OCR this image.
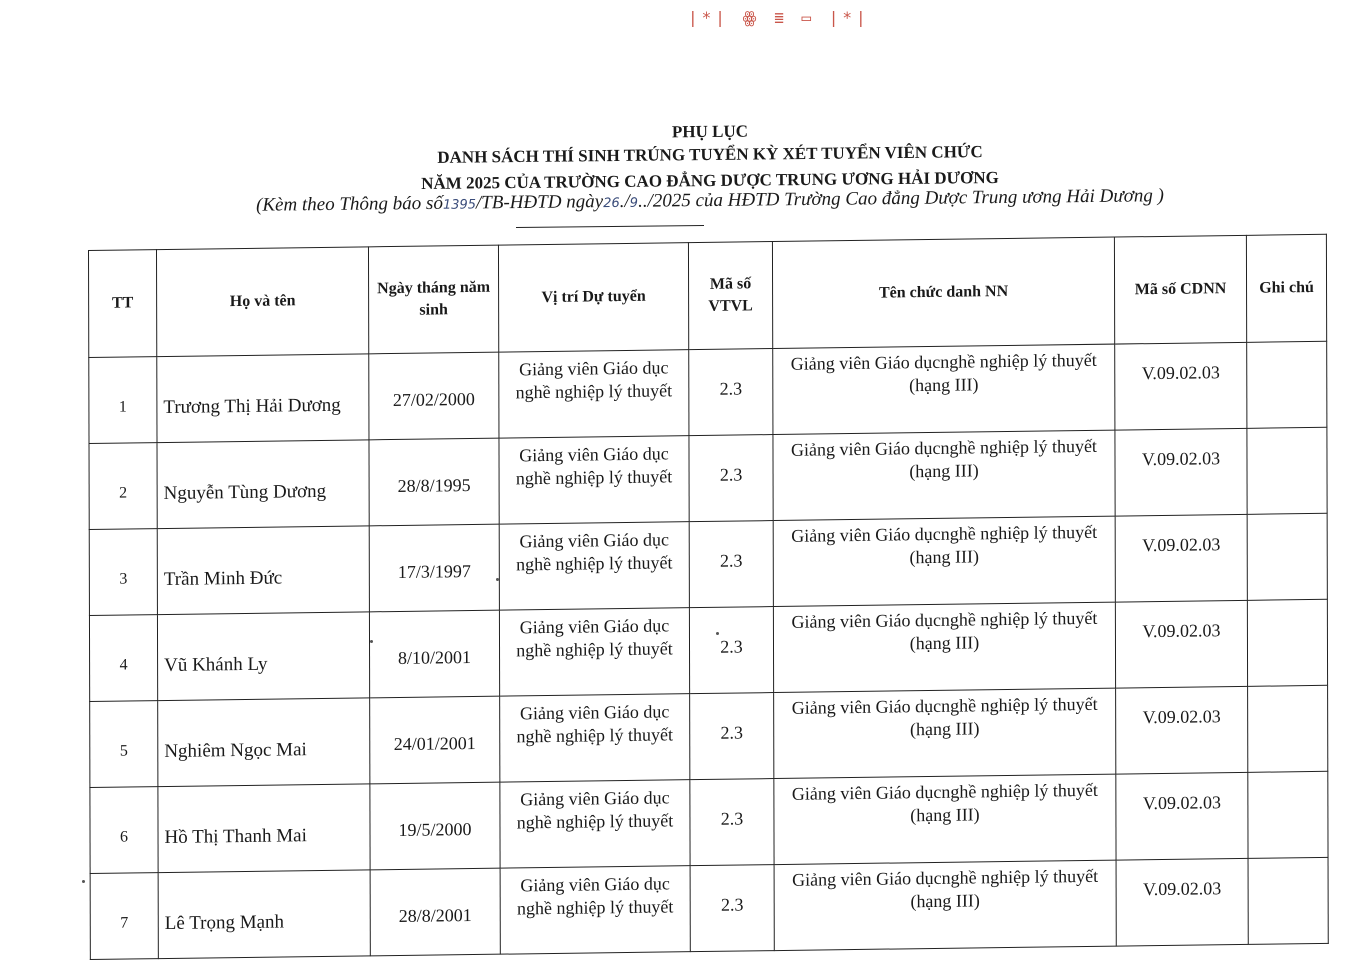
|*| ꙮ ≣ ▭ |*|
PHỤ LỤC
DANH SÁCH THÍ SINH TRÚNG TUYỂN KỲ XÉT TUYỂN VIÊN CHỨC
NĂM 2025 CỦA TRƯỜNG CAO ĐẲNG DƯỢC TRUNG ƯƠNG HẢI DƯƠNG
(Kèm theo Thông báo số1395/TB-HĐTD ngày26./9../2025 của HĐTD Trường Cao đẳng Dược Trung ương Hải Dương )
TT	Họ và tên	Ngày tháng năm sinh	Vị trí Dự tuyển	Mã số VTVL	Tên chức danh NN	Mã số CDNN	Ghi chú
1	Trương Thị Hải Dương	27/02/2000	Giảng viên Giáo dục nghề nghiệp lý thuyết	2.3	Giảng viên Giáo dụcnghề nghiệp lý thuyết (hạng III)	V.09.02.03	
2	Nguyễn Tùng Dương	28/8/1995	Giảng viên Giáo dục nghề nghiệp lý thuyết	2.3	Giảng viên Giáo dụcnghề nghiệp lý thuyết (hạng III)	V.09.02.03	
3	Trần Minh Đức	17/3/1997	Giảng viên Giáo dục nghề nghiệp lý thuyết	2.3	Giảng viên Giáo dụcnghề nghiệp lý thuyết (hạng III)	V.09.02.03	
4	Vũ Khánh Ly	8/10/2001	Giảng viên Giáo dục nghề nghiệp lý thuyết	2.3	Giảng viên Giáo dụcnghề nghiệp lý thuyết (hạng III)	V.09.02.03	
5	Nghiêm Ngọc Mai	24/01/2001	Giảng viên Giáo dục nghề nghiệp lý thuyết	2.3	Giảng viên Giáo dụcnghề nghiệp lý thuyết (hạng III)	V.09.02.03	
6	Hồ Thị Thanh Mai	19/5/2000	Giảng viên Giáo dục nghề nghiệp lý thuyết	2.3	Giảng viên Giáo dụcnghề nghiệp lý thuyết (hạng III)	V.09.02.03	
7	Lê Trọng Mạnh	28/8/2001	Giảng viên Giáo dục nghề nghiệp lý thuyết	2.3	Giảng viên Giáo dụcnghề nghiệp lý thuyết (hạng III)	V.09.02.03	
